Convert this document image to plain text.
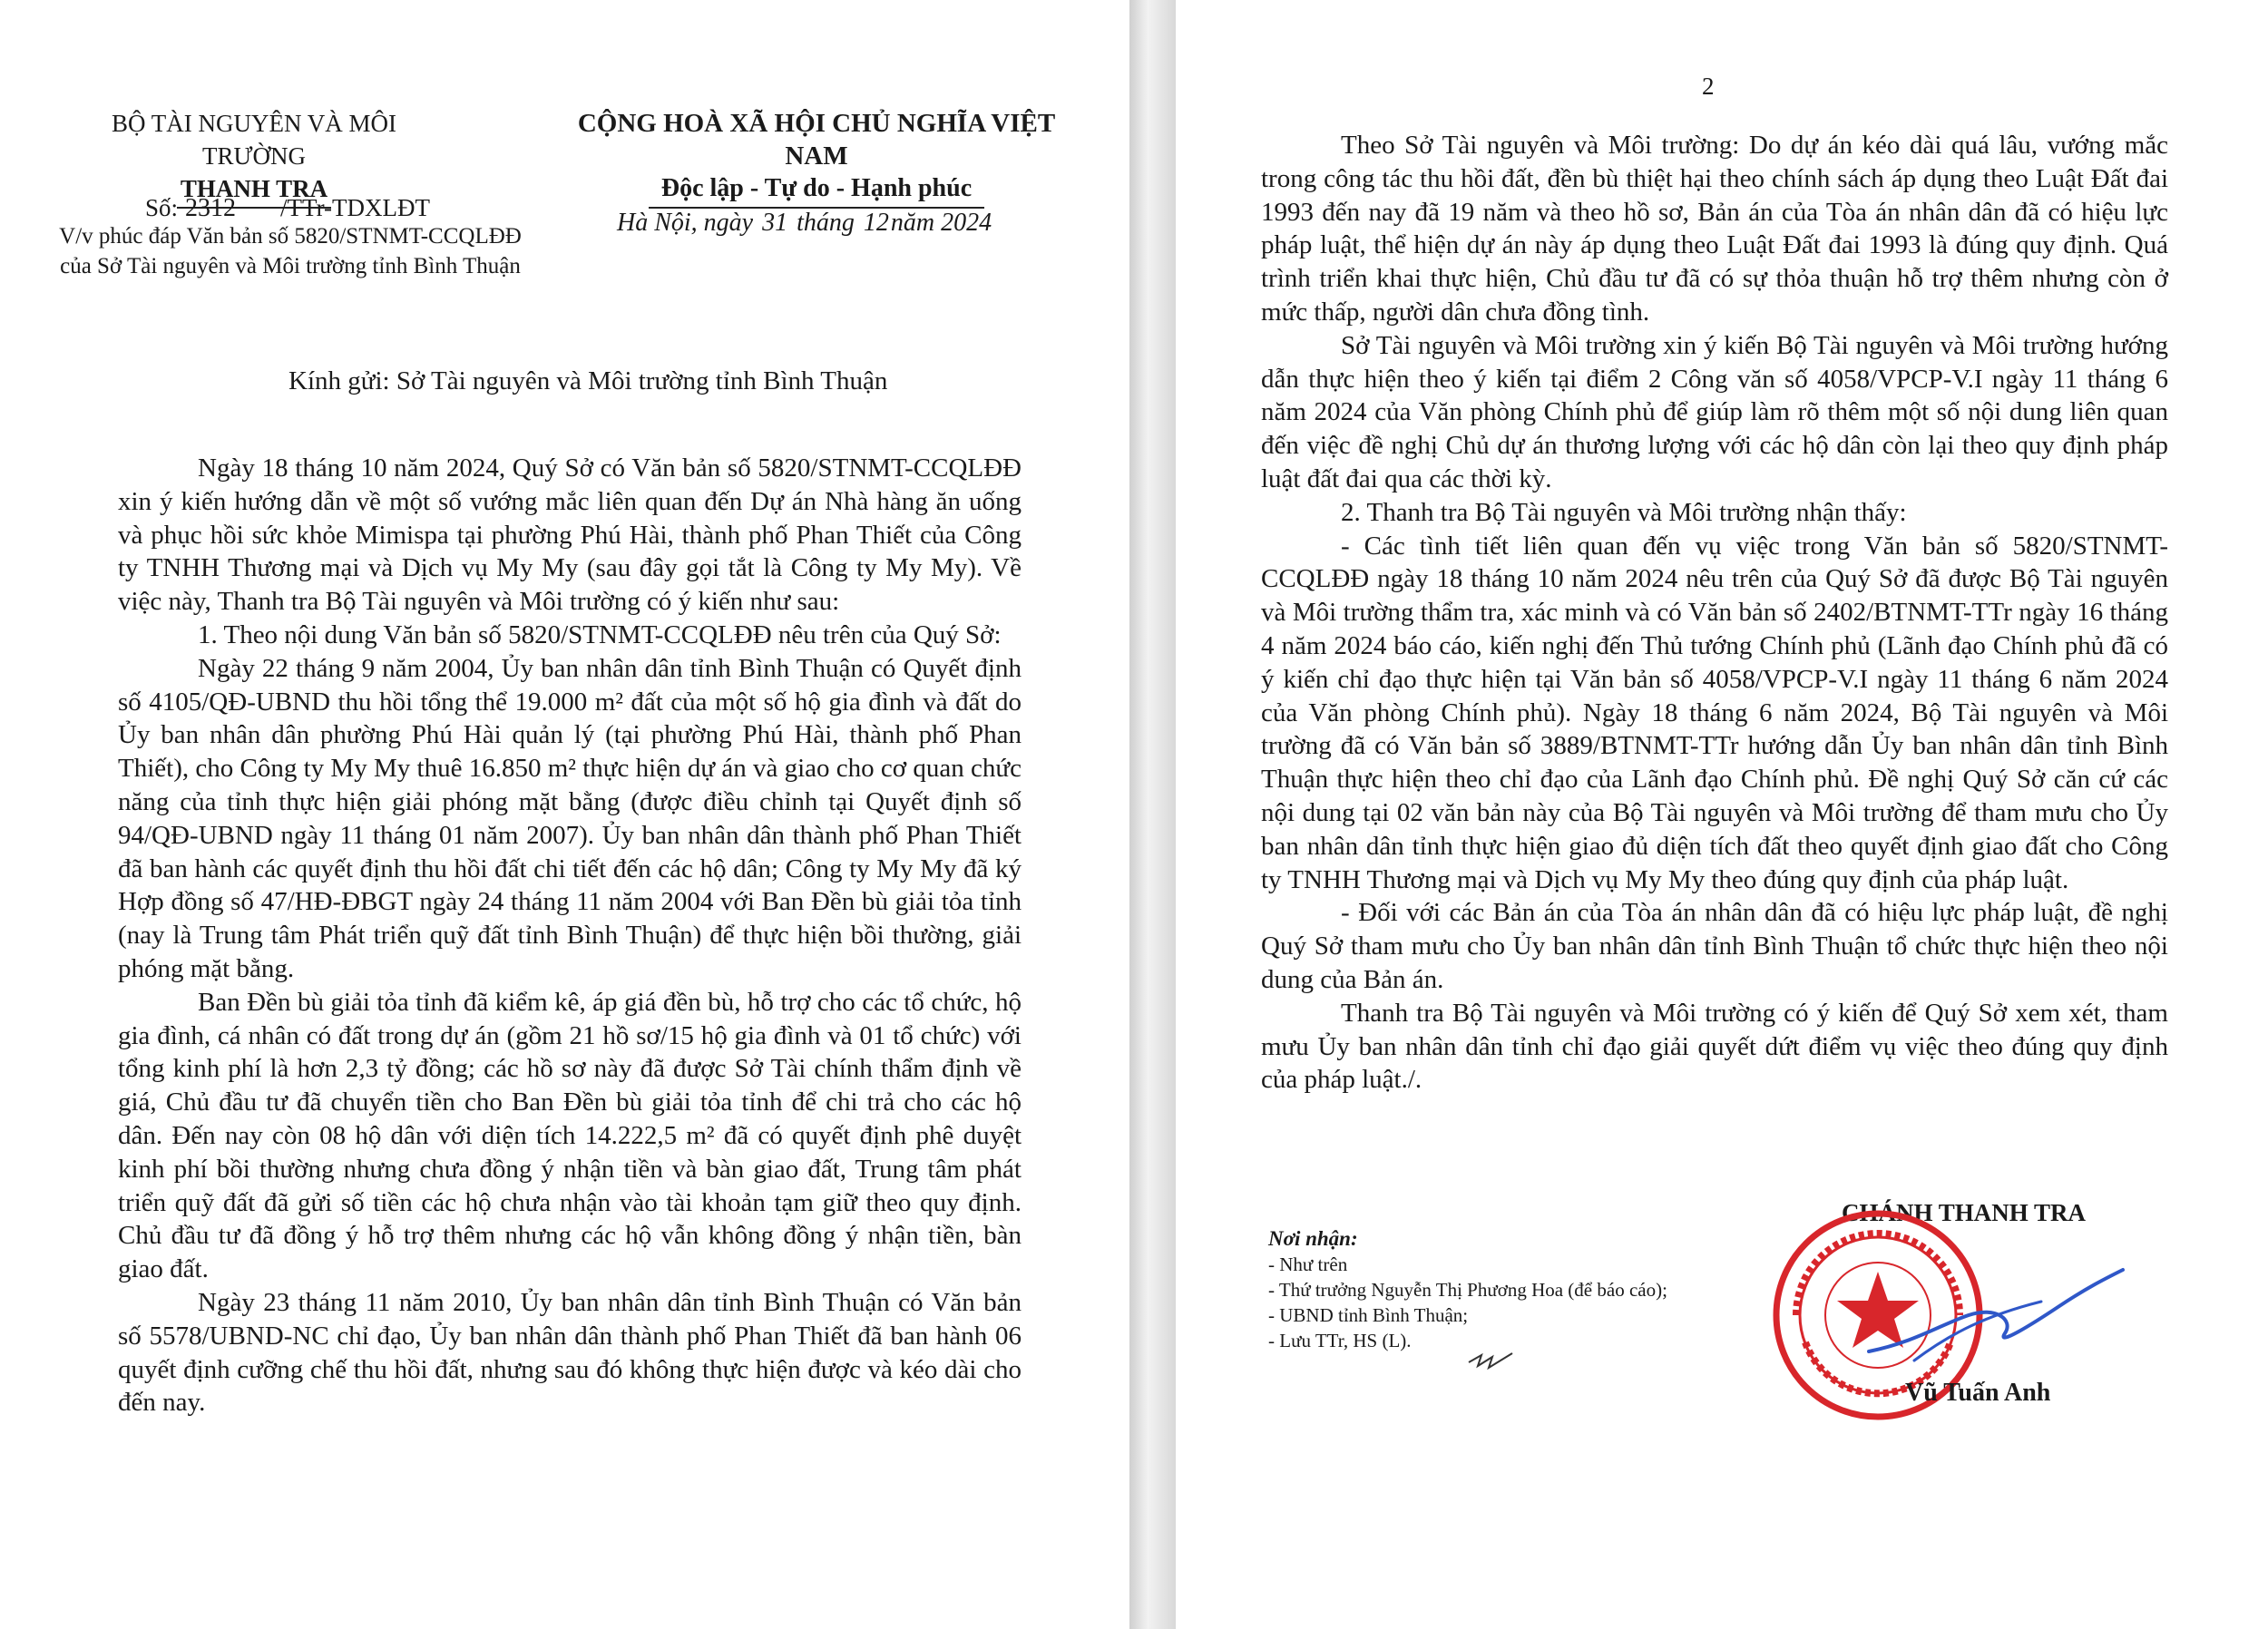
BỘ TÀI NGUYÊN VÀ MÔI TRƯỜNG
THANH TRA
CỘNG HOÀ XÃ HỘI CHỦ NGHĨA VIỆT NAM
Độc lập - Tự do - Hạnh phúc
Số: 2312 /TTr-TDXLĐT
V/v phúc đáp Văn bản số 5820/STNMT-CCQLĐĐ của Sở Tài nguyên và Môi trường tỉnh Bình Thuận
Hà Nội, ngày 31 tháng 12năm 2024
Kính gửi: Sở Tài nguyên và Môi trường tỉnh Bình Thuận

Ngày 18 tháng 10 năm 2024, Quý Sở có Văn bản số 5820/STNMT-CCQLĐĐ xin ý kiến hướng dẫn về một số vướng mắc liên quan đến Dự án Nhà hàng ăn uống và phục hồi sức khỏe Mimispa tại phường Phú Hài, thành phố Phan Thiết của Công ty TNHH Thương mại và Dịch vụ My My (sau đây gọi tắt là Công ty My My). Về việc này, Thanh tra Bộ Tài nguyên và Môi trường có ý kiến như sau:

1. Theo nội dung Văn bản số 5820/STNMT-CCQLĐĐ nêu trên của Quý Sở:

Ngày 22 tháng 9 năm 2004, Ủy ban nhân dân tỉnh Bình Thuận có Quyết định số 4105/QĐ-UBND thu hồi tổng thể 19.000 m² đất của một số hộ gia đình và đất do Ủy ban nhân dân phường Phú Hài quản lý (tại phường Phú Hài, thành phố Phan Thiết), cho Công ty My My thuê 16.850 m² thực hiện dự án và giao cho cơ quan chức năng của tỉnh thực hiện giải phóng mặt bằng (được điều chỉnh tại Quyết định số 94/QĐ-UBND ngày 11 tháng 01 năm 2007). Ủy ban nhân dân thành phố Phan Thiết đã ban hành các quyết định thu hồi đất chi tiết đến các hộ dân; Công ty My My đã ký Hợp đồng số 47/HĐ-ĐBGT ngày 24 tháng 11 năm 2004 với Ban Đền bù giải tỏa tỉnh (nay là Trung tâm Phát triển quỹ đất tỉnh Bình Thuận) để thực hiện bồi thường, giải phóng mặt bằng.

Ban Đền bù giải tỏa tỉnh đã kiểm kê, áp giá đền bù, hỗ trợ cho các tổ chức, hộ gia đình, cá nhân có đất trong dự án (gồm 21 hồ sơ/15 hộ gia đình và 01 tổ chức) với tổng kinh phí là hơn 2,3 tỷ đồng; các hồ sơ này đã được Sở Tài chính thẩm định về giá, Chủ đầu tư đã chuyển tiền cho Ban Đền bù giải tỏa tỉnh để chi trả cho các hộ dân. Đến nay còn 08 hộ dân với diện tích 14.222,5 m² đã có quyết định phê duyệt kinh phí bồi thường nhưng chưa đồng ý nhận tiền và bàn giao đất, Trung tâm phát triển quỹ đất đã gửi số tiền các hộ chưa nhận vào tài khoản tạm giữ theo quy định. Chủ đầu tư đã đồng ý hỗ trợ thêm nhưng các hộ vẫn không đồng ý nhận tiền, bàn giao đất.

Ngày 23 tháng 11 năm 2010, Ủy ban nhân dân tỉnh Bình Thuận có Văn bản số 5578/UBND-NC chỉ đạo, Ủy ban nhân dân thành phố Phan Thiết đã ban hành 06 quyết định cưỡng chế thu hồi đất, nhưng sau đó không thực hiện được và kéo dài cho đến nay.

2

Theo Sở Tài nguyên và Môi trường: Do dự án kéo dài quá lâu, vướng mắc trong công tác thu hồi đất, đền bù thiệt hại theo chính sách áp dụng theo Luật Đất đai 1993 đến nay đã 19 năm và theo hồ sơ, Bản án của Tòa án nhân dân đã có hiệu lực pháp luật, thể hiện dự án này áp dụng theo Luật Đất đai 1993 là đúng quy định. Quá trình triển khai thực hiện, Chủ đầu tư đã có sự thỏa thuận hỗ trợ thêm nhưng còn ở mức thấp, người dân chưa đồng tình.

Sở Tài nguyên và Môi trường xin ý kiến Bộ Tài nguyên và Môi trường hướng dẫn thực hiện theo ý kiến tại điểm 2 Công văn số 4058/VPCP-V.I ngày 11 tháng 6 năm 2024 của Văn phòng Chính phủ để giúp làm rõ thêm một số nội dung liên quan đến việc đề nghị Chủ dự án thương lượng với các hộ dân còn lại theo quy định pháp luật đất đai qua các thời kỳ.

2. Thanh tra Bộ Tài nguyên và Môi trường nhận thấy:

- Các tình tiết liên quan đến vụ việc trong Văn bản số 5820/STNMT-CCQLĐĐ ngày 18 tháng 10 năm 2024 nêu trên của Quý Sở đã được Bộ Tài nguyên và Môi trường thẩm tra, xác minh và có Văn bản số 2402/BTNMT-TTr ngày 16 tháng 4 năm 2024 báo cáo, kiến nghị đến Thủ tướng Chính phủ (Lãnh đạo Chính phủ đã có ý kiến chỉ đạo thực hiện tại Văn bản số 4058/VPCP-V.I ngày 11 tháng 6 năm 2024 của Văn phòng Chính phủ). Ngày 18 tháng 6 năm 2024, Bộ Tài nguyên và Môi trường đã có Văn bản số 3889/BTNMT-TTr hướng dẫn Ủy ban nhân dân tỉnh Bình Thuận thực hiện theo chỉ đạo của Lãnh đạo Chính phủ. Đề nghị Quý Sở căn cứ các nội dung tại 02 văn bản này của Bộ Tài nguyên và Môi trường để tham mưu cho Ủy ban nhân dân tỉnh thực hiện giao đủ diện tích đất theo quyết định giao đất cho Công ty TNHH Thương mại và Dịch vụ My My theo đúng quy định của pháp luật.

- Đối với các Bản án của Tòa án nhân dân đã có hiệu lực pháp luật, đề nghị Quý Sở tham mưu cho Ủy ban nhân dân tỉnh Bình Thuận tổ chức thực hiện theo nội dung của Bản án.

Thanh tra Bộ Tài nguyên và Môi trường có ý kiến để Quý Sở xem xét, tham mưu Ủy ban nhân dân tỉnh chỉ đạo giải quyết dứt điểm vụ việc theo đúng quy định của pháp luật./.

Nơi nhận:
- Như trên
- Thứ trưởng Nguyễn Thị Phương Hoa (để báo cáo);
- UBND tỉnh Bình Thuận;
- Lưu TTr, HS (L).
CHÁNH THANH TRA
Vũ Tuấn Anh
